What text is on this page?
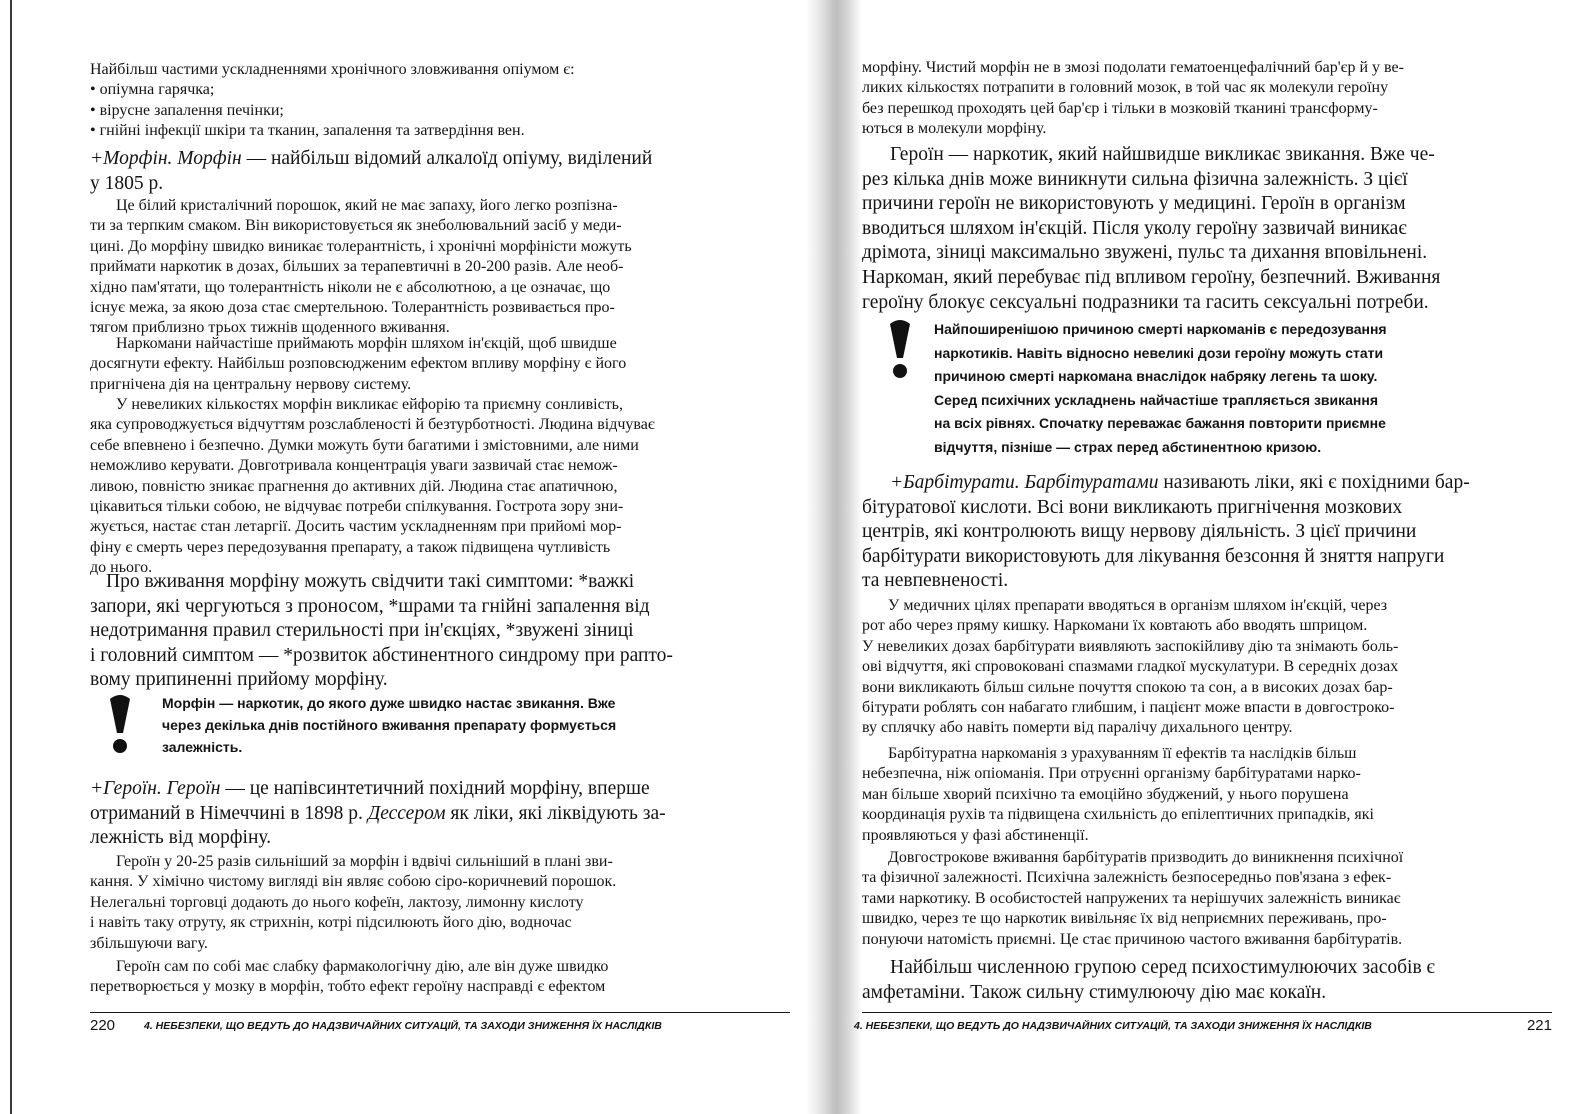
Найбільш частими ускладненнями хронічного зловживання опіумом є:
• опіумна гарячка;
• вірусне запалення печінки;
• гнійні інфекції шкіри та тканин, запалення та затвердіння вен.
+Морфін. Морфін — найбільш відомий алкалоїд опіуму, виділений
у 1805 р.
Це білий кристалічний порошок, який не має запаху, його легко розпізна-
ти за терпким смаком. Він використовується як знеболювальний засіб у меди-
цині. До морфіну швидко виникає толерантність, і хронічні морфіністи можуть
приймати наркотик в дозах, більших за терапевтичні в 20-200 разів. Але необ-
хідно пам'ятати, що толерантність ніколи не є абсолютною, а це означає, що
існує межа, за якою доза стає смертельною. Толерантність розвивається про-
тягом приблизно трьох тижнів щоденного вживання.
Наркомани найчастіше приймають морфін шляхом ін'єкцій, щоб швидше
досягнути ефекту. Найбільш розповсюдженим ефектом впливу морфіну є його
пригнічена дія на центральну нервову систему.
У невеликих кількостях морфін викликає ейфорію та приємну сонливість,
яка супроводжується відчуттям розслабленості й безтурботності. Людина відчуває
себе впевнено і безпечно. Думки можуть бути багатими і змістовними, але ними
неможливо керувати. Довготривала концентрація уваги зазвичай стає немож-
ливою, повністю зникає прагнення до активних дій. Людина стає апатичною,
цікавиться тільки собою, не відчуває потреби спілкування. Гострота зору зни-
жується, настає стан летаргії. Досить частим ускладненням при прийомі мор-
фіну є смерть через передозування препарату, а також підвищена чутливість
до нього.
Про вживання морфіну можуть свідчити такі симптоми: *важкі
запори, які чергуються з проносом, *шрами та гнійні запалення від
недотримання правил стерильності при ін'єкціях, *звужені зіниці
і головний симптом — *розвиток абстинентного синдрому при рапто-
вому припиненні прийому морфіну.
Морфін — наркотик, до якого дуже швидко настає звикання. Вже
через декілька днів постійного вживання препарату формується
залежність.
+Героїн. Героїн — це напівсинтетичний похідний морфіну, вперше
отриманий в Німеччині в 1898 р. Дессером як ліки, які ліквідують за-
лежність від морфіну.
Героїн у 20-25 разів сильніший за морфін і вдвічі сильніший в плані зви-
кання. У хімічно чистому вигляді він являє собою сіро-коричневий порошок.
Нелегальні торговці додають до нього кофеїн, лактозу, лимонну кислоту
і навіть таку отруту, як стрихнін, котрі підсилюють його дію, водночас
збільшуючи вагу.
Героїн сам по собі має слабку фармакологічну дію, але він дуже швидко
перетворюється у мозку в морфін, тобто ефект героїну насправді є ефектом
220	4. НЕБЕЗПЕКИ, ЩО ВЕДУТЬ ДО НАДЗВИЧАЙНИХ СИТУАЦІЙ, ТА ЗАХОДИ ЗНИЖЕННЯ ЇХ НАСЛІДКІВ
морфіну. Чистий морфін не в змозі подолати гематоенцефалічний бар'єр й у ве-
ликих кількостях потрапити в головний мозок, в той час як молекули героїну
без перешкод проходять цей бар'єр і тільки в мозковій тканині трансформу-
ються в молекули морфіну.
Героїн — наркотик, який найшвидше викликає звикання. Вже че-
рез кілька днів може виникнути сильна фізична залежність. З цієї
причини героїн не використовують у медицині. Героїн в організм
вводиться шляхом ін'єкцій. Після уколу героїну зазвичай виникає
дрімота, зіниці максимально звужені, пульс та дихання вповільнені.
Наркоман, який перебуває під впливом героїну, безпечний. Вживання
героїну блокує сексуальні подразники та гасить сексуальні потреби.
Найпоширенішою причиною смерті наркоманів є передозування
наркотиків. Навіть відносно невеликі дози героїну можуть стати
причиною смерті наркомана внаслідок набряку легень та шоку.
Серед психічних ускладнень найчастіше трапляється звикання
на всіх рівнях. Спочатку переважає бажання повторити приємне
відчуття, пізніше — страх перед абстинентною кризою.
+Барбітурати. Барбітуратами називають ліки, які є похідними бар-
бітуратової кислоти. Всі вони викликають пригнічення мозкових
центрів, які контролюють вищу нервову діяльність. З цієї причини
барбітурати використовують для лікування безсоння й зняття напруги
та невпевненості.
У медичних цілях препарати вводяться в організм шляхом ін'єкцій, через
рот або через пряму кишку. Наркомани їх ковтають або вводять шприцом.
У невеликих дозах барбітурати виявляють заспокійливу дію та знімають боль-
ові відчуття, які спровоковані спазмами гладкої мускулатури. В середніх дозах
вони викликають більш сильне почуття спокою та сон, а в високих дозах бар-
бітурати роблять сон набагато глибшим, і пацієнт може впасти в довгостроко-
ву сплячку або навіть померти від паралічу дихального центру.
Барбітуратна наркоманія з урахуванням її ефектів та наслідків більш
небезпечна, ніж опіоманія. При отруєнні організму барбітуратами нарко-
ман більше хворий психічно та емоційно збуджений, у нього порушена
координація рухів та підвищена схильність до епілептичних припадків, які
проявляються у фазі абстиненції.
Довгострокове вживання барбітуратів призводить до виникнення психічної
та фізичної залежності. Психічна залежність безпосередньо пов'язана з ефек-
тами наркотику. В особистостей напружених та нерішучих залежність виникає
швидко, через те що наркотик вивільняє їх від неприємних переживань, про-
понуючи натомість приємні. Це стає причиною частого вживання барбітуратів.
Найбільш численною групою серед психостимулюючих засобів є
амфетаміни. Також сильну стимулюючу дію має кокаїн.
4. НЕБЕЗПЕКИ, ЩО ВЕДУТЬ ДО НАДЗВИЧАЙНИХ СИТУАЦІЙ, ТА ЗАХОДИ ЗНИЖЕННЯ ЇХ НАСЛІДКІВ	221
